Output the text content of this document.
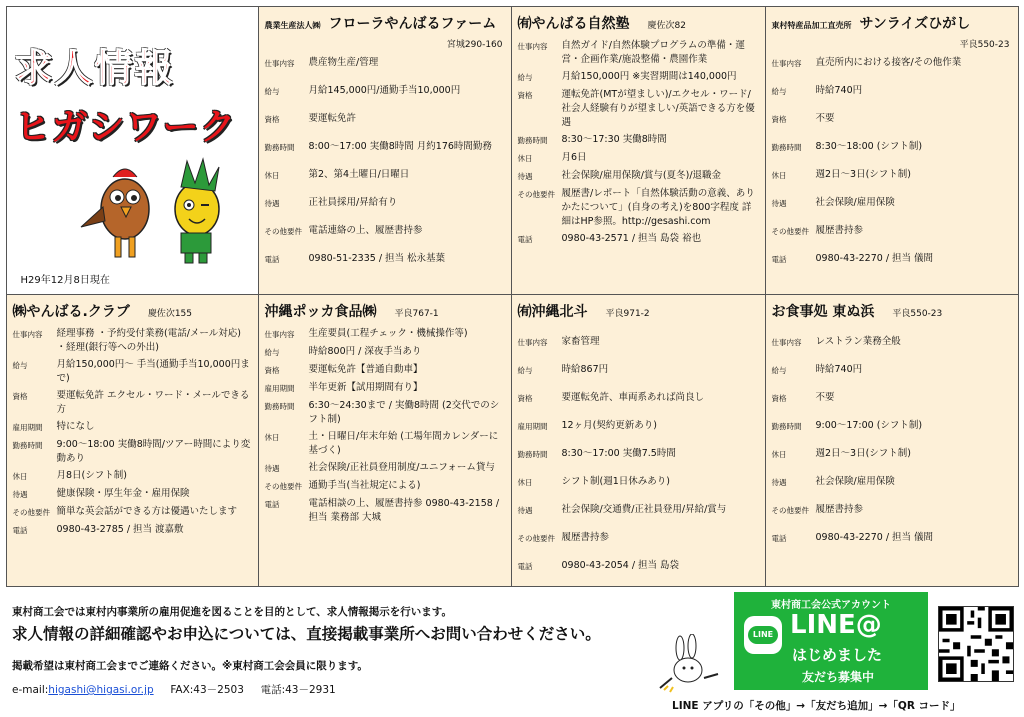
求人情報
ヒガシワーク
H29年12月8日現在
農業生産法人㈱ フローラやんばるファーム
宮城290-160
仕事内容	農産物生産/管理
給与	月給145,000円/通勤手当10,000円
資格	要運転免許
勤務時間	8:00～17:00 実働8時間 月約176時間勤務
休日	第2、第4土曜日/日曜日
待遇	正社員採用/昇給有り
その他要件 電話連絡の上、履歴書持参
電話	0980-51-2335 / 担当 松永基葉
㈲やんばる自然塾 慶佐次82
仕事内容	自然ガイド/自然体験プログラムの準備・運営・企画作業/施設整備・農園作業
給与	月給150,000円 ※実習期間は140,000円
資格	運転免許(MTが望ましい)/エクセル・ワード/社会人経験有りが望ましい/英語できる方を優遇
勤務時間	8:30～17:30 実働8時間
休日	月6日
待遇	社会保険/雇用保険/賞与(夏冬)/退職金
その他要件 履歴書/レポート「自然体験活動の意義、ありかたについて」(自身の考え)を800字程度 詳細はHP参照。http://gesashi.com
電話	0980-43-2571 / 担当 島袋 裕也
東村特産品加工直売所 サンライズひがし
平良550-23
仕事内容	直売所内における接客/その他作業
給与	時給740円
資格	不要
勤務時間	8:30～18:00 (シフト制)
休日	週2日～3日(シフト制)
待遇	社会保険/雇用保険
その他要件 履歴書持参
電話	0980-43-2270 / 担当 儀間
㈱やんばる.クラブ 慶佐次155
仕事内容	経理事務 ・予約受付業務(電話/メール対応) ・経理(銀行等への外出)
給与	月給150,000円～ 手当(通勤手当10,000円まで)
資格	要運転免許 エクセル・ワード・メールできる方
雇用期間	特になし
勤務時間	9:00～18:00 実働8時間/ツアー時間により変動あり
休日	月8日(シフト制)
待遇	健康保険・厚生年金・雇用保険
その他要件 簡単な英会話ができる方は優遇いたします
電話	0980-43-2785 / 担当 渡嘉敷
沖縄ポッカ食品㈱ 平良767-1
仕事内容	生産要員(工程チェック・機械操作等)
給与	時給800円 / 深夜手当あり
資格	要運転免許【普通自動車】
雇用期間	半年更新【試用期間有り】
勤務時間	6:30～24:30まで / 実働8時間 (2交代でのシフト制)
休日	土・日曜日/年末年始 (工場年間カレンダーに基づく)
待遇	社会保険/正社員登用制度/ユニフォーム貸与
その他要件 通勤手当(当社規定による)
電話	電話相談の上、履歴書持参 0980-43-2158 / 担当 業務部 大城
㈲沖縄北斗 平良971-2
仕事内容	家畜管理
給与	時給867円
資格	要運転免許、車両系あれば尚良し
雇用期間	12ヶ月(契約更新あり)
勤務時間	8:30～17:00 実働7.5時間
休日	シフト制(週1日休みあり)
待遇	社会保険/交通費/正社員登用/昇給/賞与
その他要件 履歴書持参
電話	0980-43-2054 / 担当 島袋
お食事処 東ぬ浜 平良550-23
仕事内容	レストラン業務全般
給与	時給740円
資格	不要
勤務時間	9:00～17:00 (シフト制)
休日	週2日～3日(シフト制)
待遇	社会保険/雇用保険
その他要件 履歴書持参
電話	0980-43-2270 / 担当 儀間
東村商工会では東村内事業所の雇用促進を図ることを目的として、求人情報掲示を行います。
求人情報の詳細確認やお申込については、直接掲載事業所へお問い合わせください。
掲載希望は東村商工会までご連絡ください。※東村商工会会員に限ります。
e-mail:higashi@higasi.or.jp FAX:43－2503 電話:43－2931
東村商工会公式アカウント
LINE LINE@
はじめました
友だち募集中
LINE アプリの「その他」→「友だち追加」→「QR コード」
